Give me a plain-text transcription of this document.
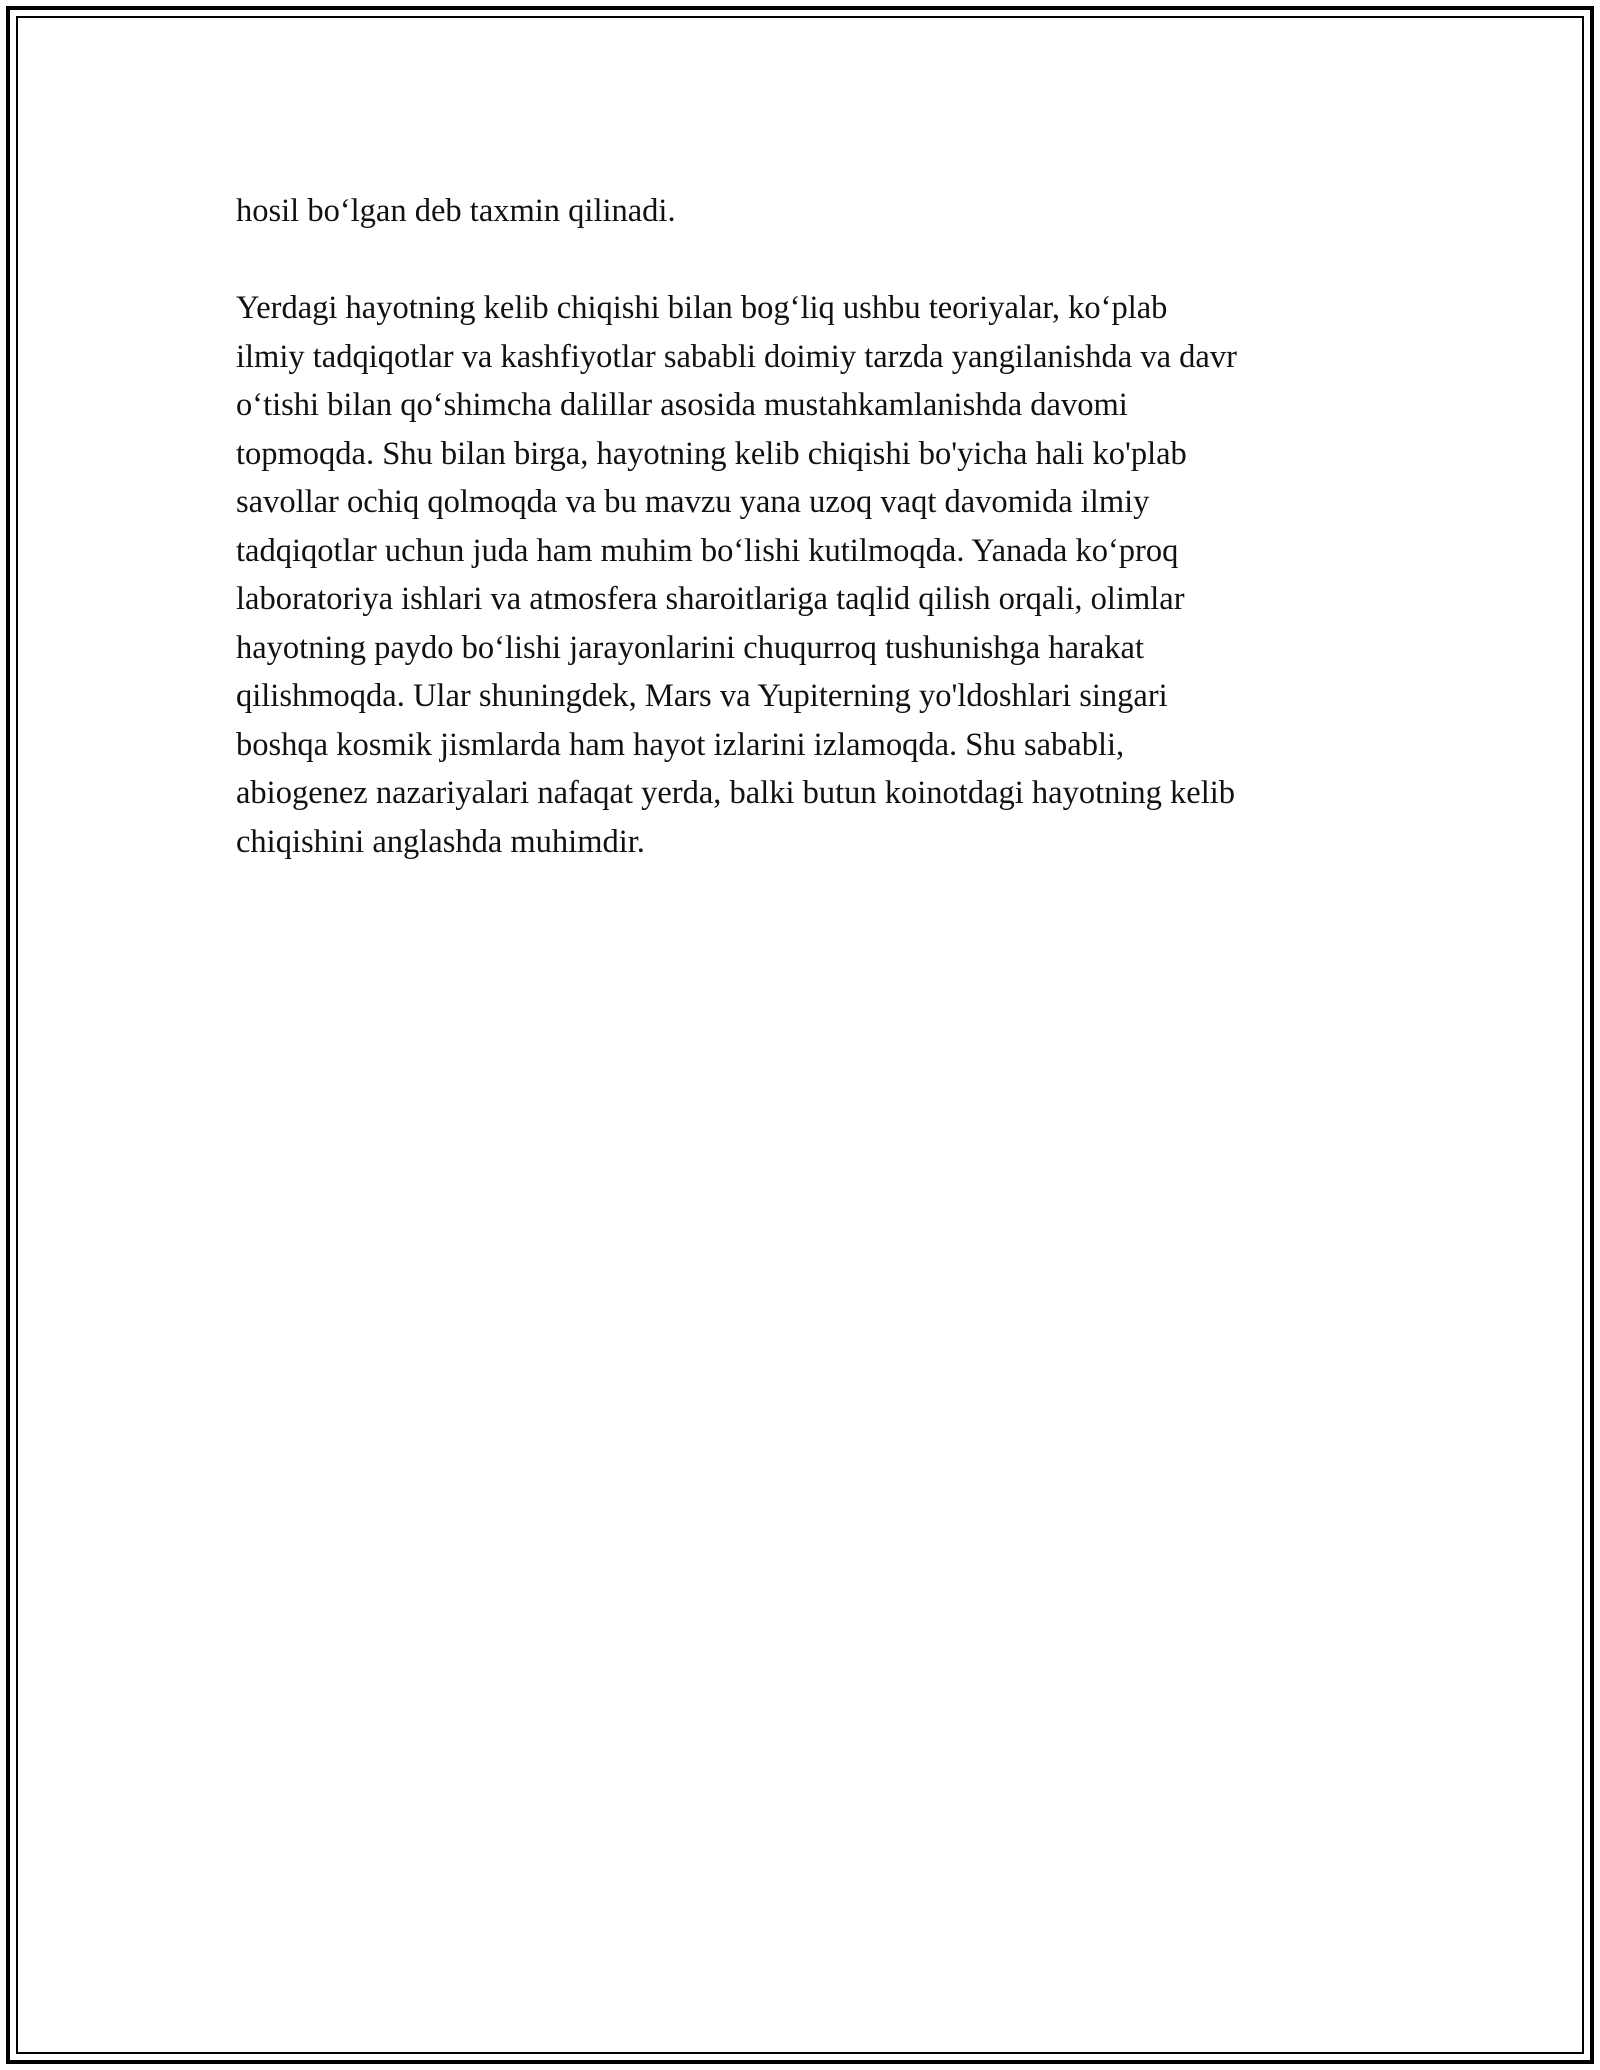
hosil bo‘lgan deb taxmin qilinadi.

Yerdagi hayotning kelib chiqishi bilan bog‘liq ushbu teoriyalar, ko‘plab
ilmiy tadqiqotlar va kashfiyotlar sababli doimiy tarzda yangilanishda va davr
o‘tishi bilan qo‘shimcha dalillar asosida mustahkamlanishda davomi
topmoqda. Shu bilan birga, hayotning kelib chiqishi bo'yicha hali ko'plab
savollar ochiq qolmoqda va bu mavzu yana uzoq vaqt davomida ilmiy
tadqiqotlar uchun juda ham muhim bo‘lishi kutilmoqda. Yanada ko‘proq
laboratoriya ishlari va atmosfera sharoitlariga taqlid qilish orqali, olimlar
hayotning paydo bo‘lishi jarayonlarini chuqurroq tushunishga harakat
qilishmoqda. Ular shuningdek, Mars va Yupiterning yo'ldoshlari singari
boshqa kosmik jismlarda ham hayot izlarini izlamoqda. Shu sababli,
abiogenez nazariyalari nafaqat yerda, balki butun koinotdagi hayotning kelib
chiqishini anglashda muhimdir.
